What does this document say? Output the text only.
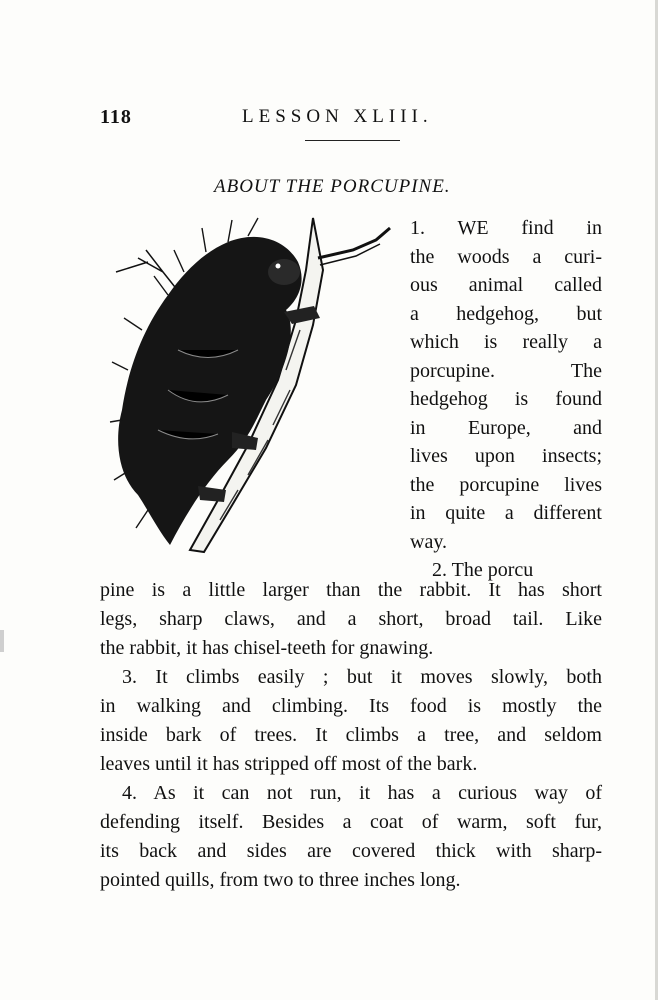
118	LESSON XLIII.
ABOUT THE PORCUPINE.
1. WE find in
the woods a curi-
ous animal called
a hedgehog, but
which is really a
porcupine. The
hedgehog is found
in Europe, and
lives upon insects;
the porcupine lives
in quite a different
way.
2. The porcu
pine is a little larger than the rabbit. It has short
legs, sharp claws, and a short, broad tail. Like
the rabbit, it has chisel-teeth for gnawing.
3. It climbs easily ; but it moves slowly, both
in walking and climbing. Its food is mostly the
inside bark of trees. It climbs a tree, and seldom
leaves until it has stripped off most of the bark.
4. As it can not run, it has a curious way of
defending itself. Besides a coat of warm, soft fur,
its back and sides are covered thick with sharp-
pointed quills, from two to three inches long.
